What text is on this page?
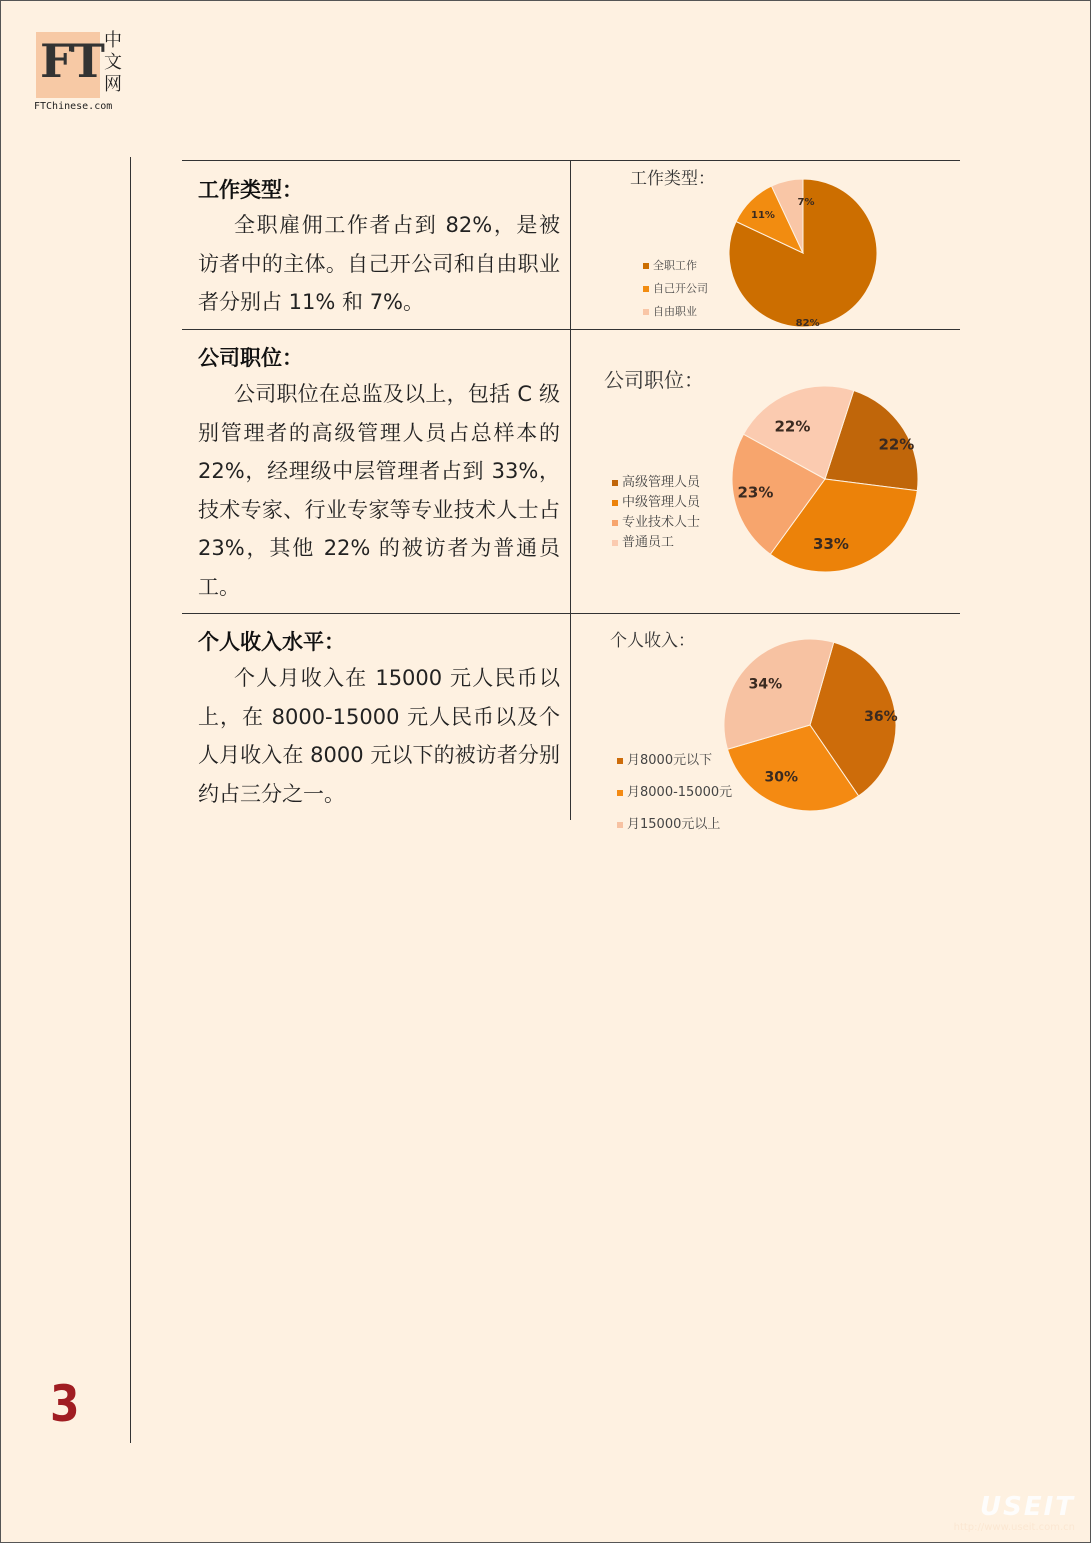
FT 中
文
网
FTChinese.com
3
工作类型：
全职雇佣工作者占到 82%，是被访者中的主体。自己开公司和自由职业者分别占 11% 和 7%。
公司职位：
公司职位在总监及以上，包括 C 级别管理者的高级管理人员占总样本的 22%，经理级中层管理者占到 33%，技术专家、行业专家等专业技术人士占 23%，其他 22% 的被访者为普通员工。
个人收入水平：
个人月收入在 15000 元人民币以上，在 8000-15000 元人民币以及个人月收入在 8000 元以下的被访者分别约占三分之一。
工作类型：
全职工作
自己开公司
自由职业
82%
11%
7%
公司职位：
高级管理人员
中级管理人员
专业技术人士
普通员工
22%
33%
23%
22%
个人收入：
月8000元以下
月8000-15000元
月15000元以上
36%
30%
34%
USEIT
http://www.useit.com.cn
